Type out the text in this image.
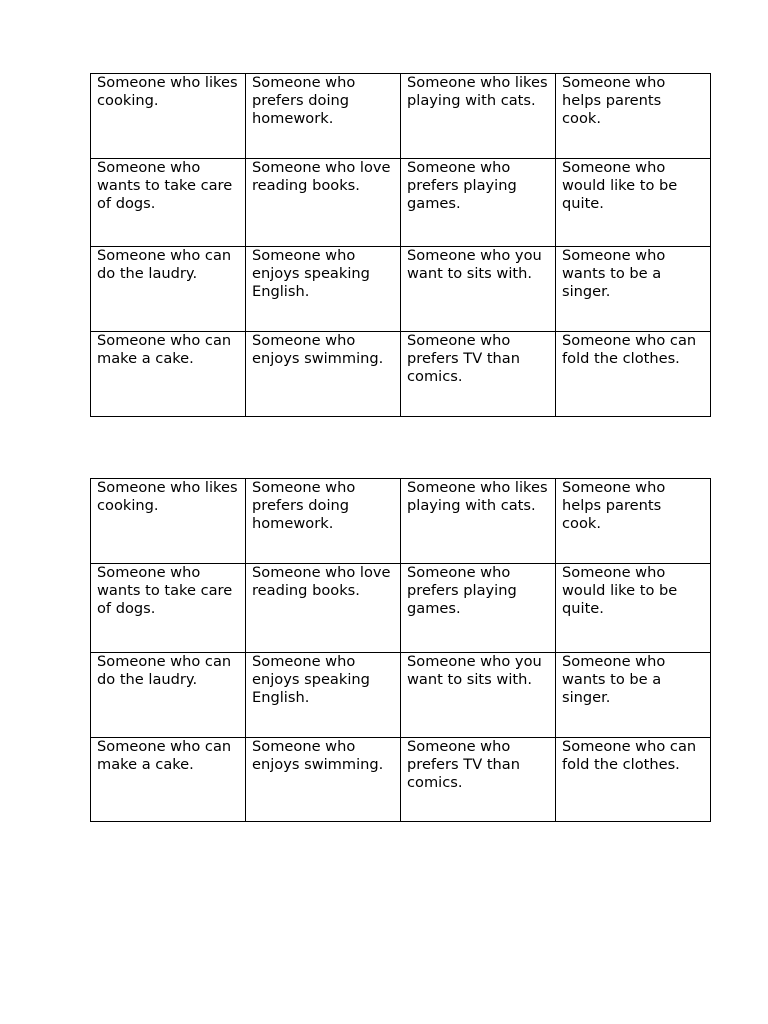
Someone who likes cooking.	Someone who prefers doing homework.	Someone who likes playing with cats.	Someone who helps parents cook.

Someone who wants to take care of dogs.	Someone who love reading books.	Someone who prefers playing games.	Someone who would like to be quite.

Someone who can do the laudry.	Someone who enjoys speaking English.	Someone who you want to sits with.	Someone who wants to be a singer.

Someone who can make a cake.	Someone who enjoys swimming.	Someone who prefers TV than comics.	Someone who can fold the clothes.
Someone who likes cooking.	Someone who prefers doing homework.	Someone who likes playing with cats.	Someone who helps parents cook.

Someone who wants to take care of dogs.	Someone who love reading books.	Someone who prefers playing games.	Someone who would like to be quite.

Someone who can do the laudry.	Someone who enjoys speaking English.	Someone who you want to sits with.	Someone who wants to be a singer.

Someone who can make a cake.	Someone who enjoys swimming.	Someone who prefers TV than comics.	Someone who can fold the clothes.
